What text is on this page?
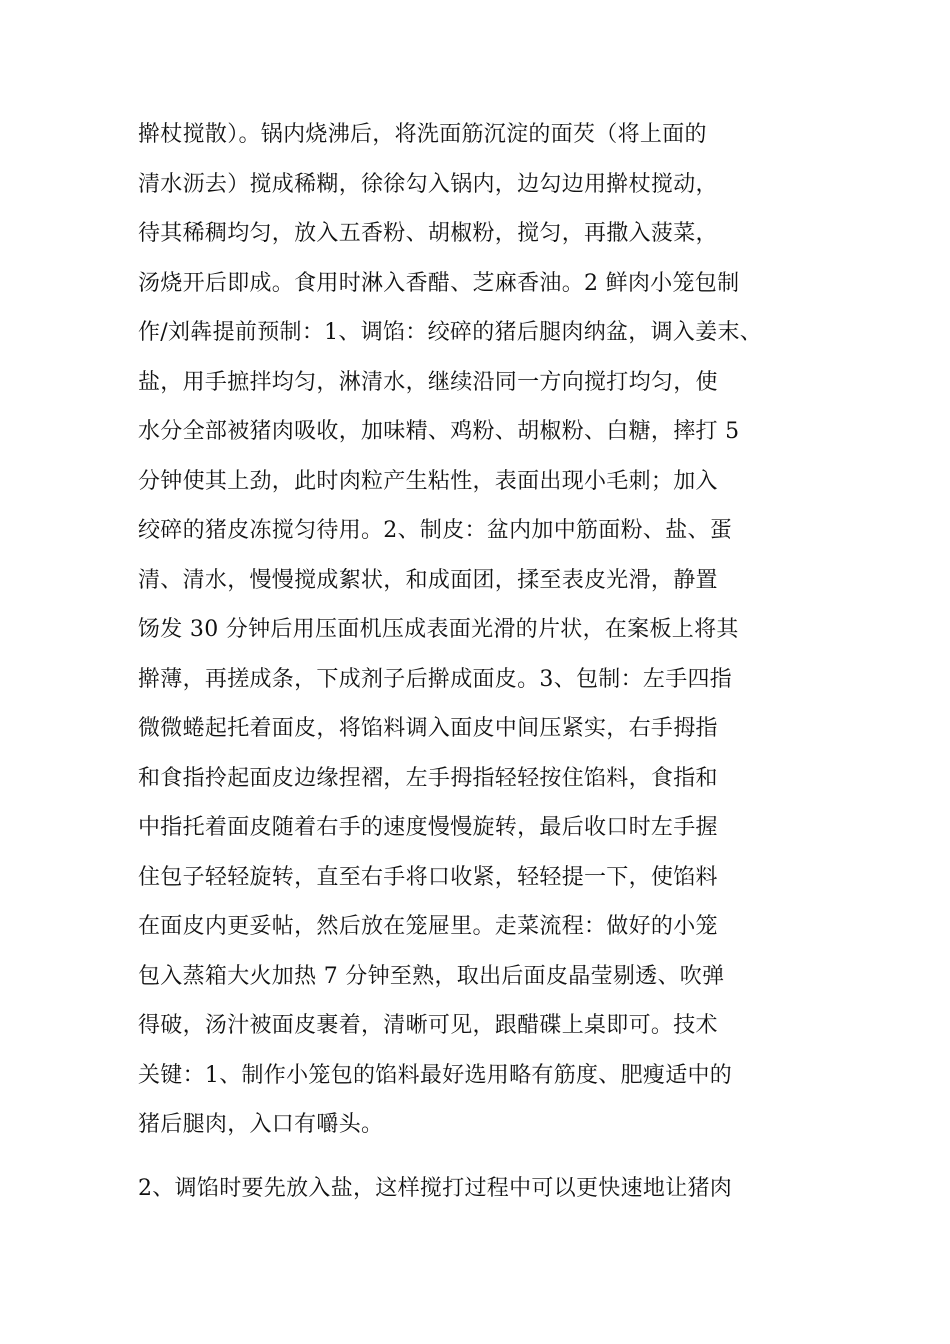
擀杖搅散）。锅内烧沸后，将洗面筋沉淀的面芡（将上面的
清水沥去）搅成稀糊，徐徐勾入锅内，边勾边用擀杖搅动，
待其稀稠均匀，放入五香粉、胡椒粉，搅匀，再撒入菠菜，
汤烧开后即成。食用时淋入香醋、芝麻香油。2 鲜肉小笼包制
作/刘犇提前预制：1、调馅：绞碎的猪后腿肉纳盆，调入姜末、
盐，用手摭拌均匀，淋清水，继续沿同一方向搅打均匀，使
水分全部被猪肉吸收，加味精、鸡粉、胡椒粉、白糖，摔打 5
分钟使其上劲，此时肉粒产生粘性，表面出现小毛刺；加入
绞碎的猪皮冻搅匀待用。2、制皮：盆内加中筋面粉、盐、蛋
清、清水，慢慢搅成絮状，和成面团，揉至表皮光滑，静置
饧发 30 分钟后用压面机压成表面光滑的片状，在案板上将其
擀薄，再搓成条，下成剂子后擀成面皮。3、包制：左手四指
微微蜷起托着面皮，将馅料调入面皮中间压紧实，右手拇指
和食指拎起面皮边缘捏褶，左手拇指轻轻按住馅料，食指和
中指托着面皮随着右手的速度慢慢旋转，最后收口时左手握
住包子轻轻旋转，直至右手将口收紧，轻轻提一下，使馅料
在面皮内更妥帖，然后放在笼屉里。走菜流程：做好的小笼
包入蒸箱大火加热 7 分钟至熟，取出后面皮晶莹剔透、吹弹
得破，汤汁被面皮裹着，清晰可见，跟醋碟上桌即可。技术
关键：1、制作小笼包的馅料最好选用略有筋度、肥瘦适中的
猪后腿肉，入口有嚼头。
2、调馅时要先放入盐，这样搅打过程中可以更快速地让猪肉
